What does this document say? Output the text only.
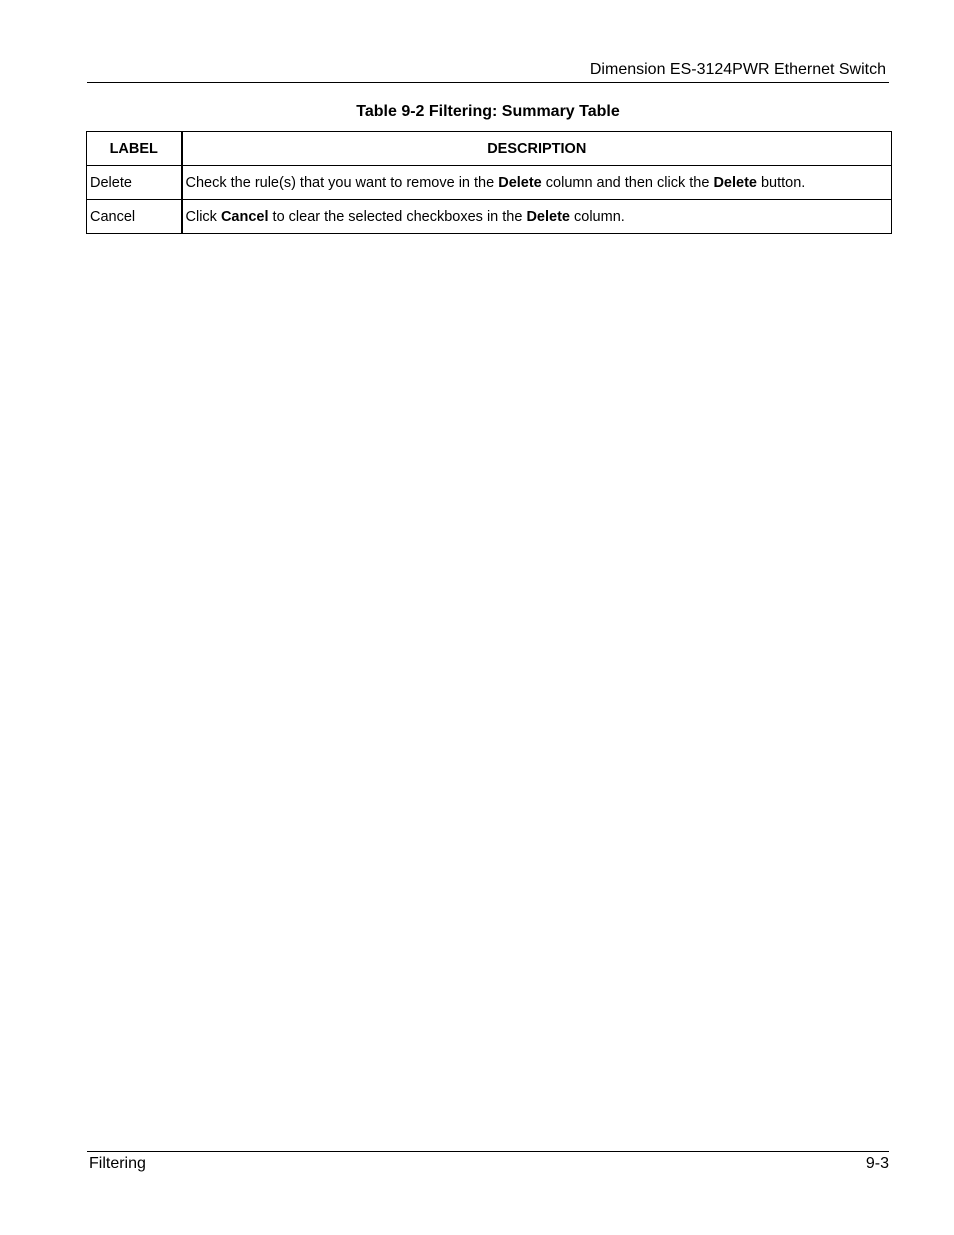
Dimension ES-3124PWR Ethernet Switch
Table 9-2 Filtering: Summary Table
LABEL	DESCRIPTION
Delete	Check the rule(s) that you want to remove in the Delete column and then click the Delete button.
Cancel	Click Cancel to clear the selected checkboxes in the Delete column.
Filtering	9-3
